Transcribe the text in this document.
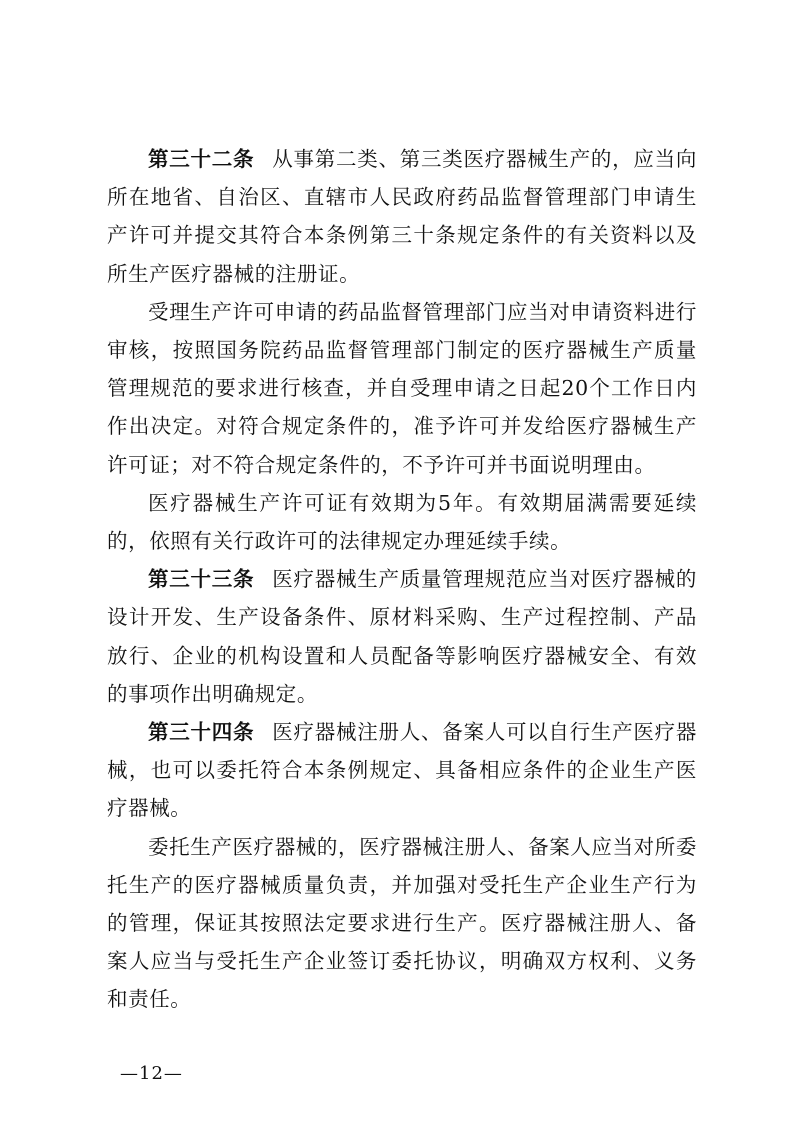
第三十二条 从事第二类、第三类医疗器械生产的，应当向所在地省、自治区、直辖市人民政府药品监督管理部门申请生产许可并提交其符合本条例第三十条规定条件的有关资料以及所生产医疗器械的注册证。

受理生产许可申请的药品监督管理部门应当对申请资料进行审核，按照国务院药品监督管理部门制定的医疗器械生产质量管理规范的要求进行核查，并自受理申请之日起20个工作日内作出决定。对符合规定条件的，准予许可并发给医疗器械生产许可证；对不符合规定条件的，不予许可并书面说明理由。

医疗器械生产许可证有效期为5年。有效期届满需要延续的，依照有关行政许可的法律规定办理延续手续。

第三十三条 医疗器械生产质量管理规范应当对医疗器械的设计开发、生产设备条件、原材料采购、生产过程控制、产品放行、企业的机构设置和人员配备等影响医疗器械安全、有效的事项作出明确规定。

第三十四条 医疗器械注册人、备案人可以自行生产医疗器械，也可以委托符合本条例规定、具备相应条件的企业生产医疗器械。

委托生产医疗器械的，医疗器械注册人、备案人应当对所委托生产的医疗器械质量负责，并加强对受托生产企业生产行为的管理，保证其按照法定要求进行生产。医疗器械注册人、备案人应当与受托生产企业签订委托协议，明确双方权利、义务和责任。

—12—
